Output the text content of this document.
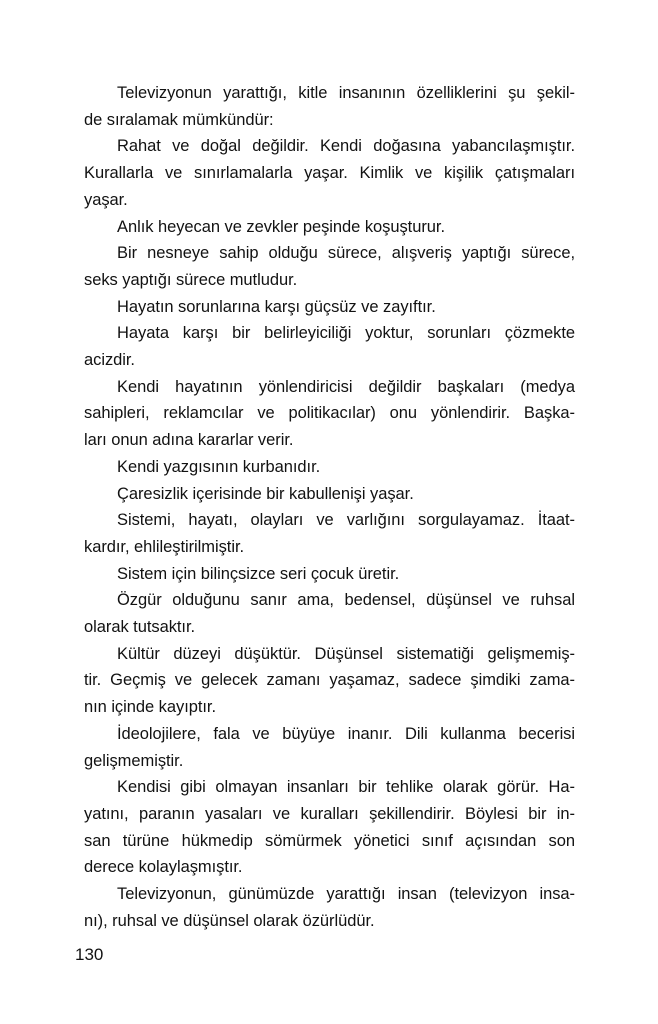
Televizyonun yarattığı, kitle insanının özelliklerini şu şekil-
de sıralamak mümkündür:
Rahat ve doğal değildir. Kendi doğasına yabancılaşmıştır.
Kurallarla ve sınırlamalarla yaşar. Kimlik ve kişilik çatışmaları
yaşar.
Anlık heyecan ve zevkler peşinde koşuşturur.
Bir nesneye sahip olduğu sürece, alışveriş yaptığı sürece,
seks yaptığı sürece mutludur.
Hayatın sorunlarına karşı güçsüz ve zayıftır.
Hayata karşı bir belirleyiciliği yoktur, sorunları çözmekte
acizdir.
Kendi hayatının yönlendiricisi değildir başkaları (medya
sahipleri, reklamcılar ve politikacılar) onu yönlendirir. Başka-
ları onun adına kararlar verir.
Kendi yazgısının kurbanıdır.
Çaresizlik içerisinde bir kabullenişi yaşar.
Sistemi, hayatı, olayları ve varlığını sorgulayamaz. İtaat-
kardır, ehlileştirilmiştir.
Sistem için bilinçsizce seri çocuk üretir.
Özgür olduğunu sanır ama, bedensel, düşünsel ve ruhsal
olarak tutsaktır.
Kültür düzeyi düşüktür. Düşünsel sistematiği gelişmemiş-
tir. Geçmiş ve gelecek zamanı yaşamaz, sadece şimdiki zama-
nın içinde kayıptır.
İdeolojilere, fala ve büyüye inanır. Dili kullanma becerisi
gelişmemiştir.
Kendisi gibi olmayan insanları bir tehlike olarak görür. Ha-
yatını, paranın yasaları ve kuralları şekillendirir. Böylesi bir in-
san türüne hükmedip sömürmek yönetici sınıf açısından son
derece kolaylaşmıştır.
Televizyonun, günümüzde yarattığı insan (televizyon insa-
nı), ruhsal ve düşünsel olarak özürlüdür.
130
